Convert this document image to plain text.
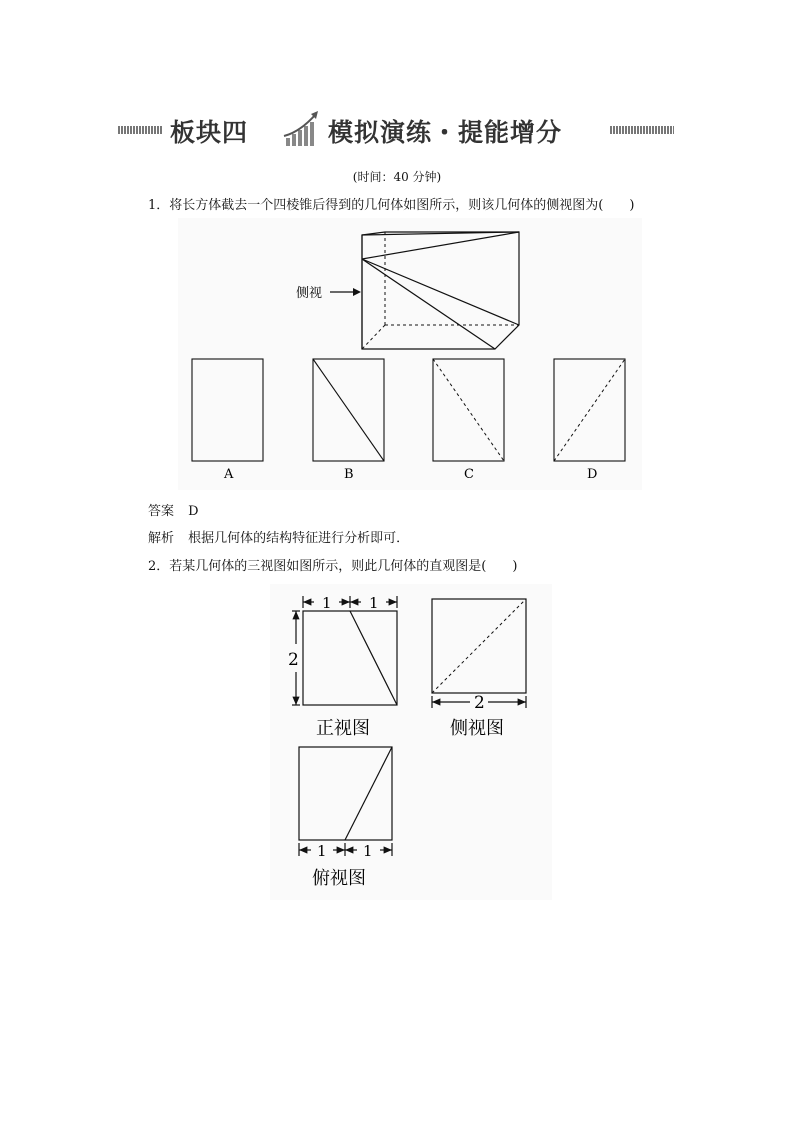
板块四	模拟演练・提能增分
(时间：40 分钟)
1．将长方体截去一个四棱锥后得到的几何体如图所示，则该几何体的侧视图为(　　)
侧视
A	B	C	D
答案 D
解析 根据几何体的结构特征进行分析即可．
2．若某几何体的三视图如图所示，则此几何体的直观图是(　　)
1 1
2
正视图
2
侧视图
1 1
俯视图
